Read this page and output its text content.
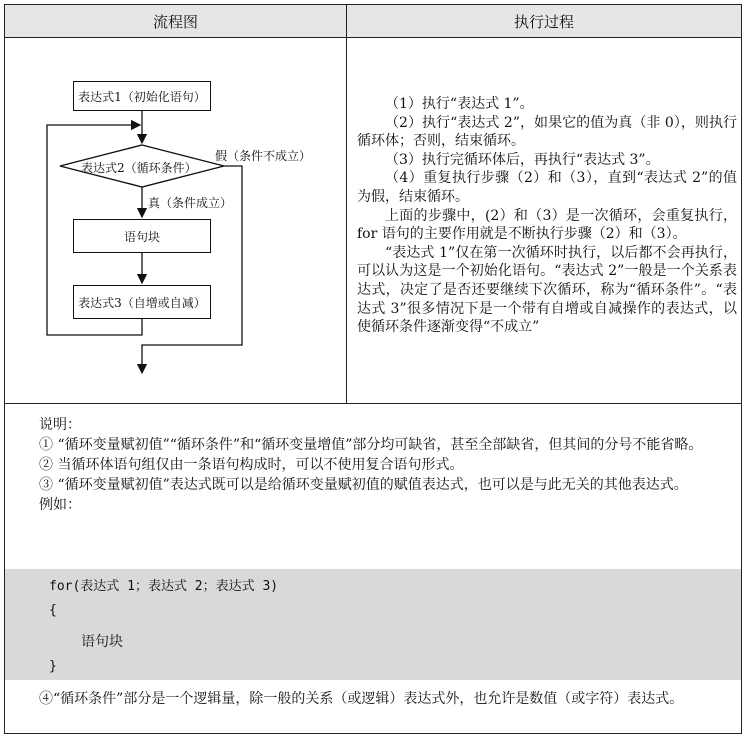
流程图	执行过程
表达式1（初始化语句）
表达式2（循环条件）
假（条件不成立）
真（条件成立）
语句块
表达式3（自增或自减）

（1）执行“表达式 1”。

（2）执行“表达式 2”，如果它的值为真（非 0），则执行循环体；否则，结束循环。

（3）执行完循环体后，再执行“表达式 3”。

（4）重复执行步骤（2）和（3），直到“表达式 2”的值为假，结束循环。

上面的步骤中，(2）和（3）是一次循环，会重复执行，for 语句的主要作用就是不断执行步骤（2）和（3）。

“表达式 1”仅在第一次循环时执行，以后都不会再执行，可以认为这是一个初始化语句。“表达式 2”一般是一个关系表达式，决定了是否还要继续下次循环，称为“循环条件”。“表达式 3”很多情况下是一个带有自增或自减操作的表达式，以使循环条件逐渐变得“不成立”

说明：

① “循环变量赋初值”“循环条件”和“循环变量增值”部分均可缺省，甚至全部缺省，但其间的分号不能省略。

② 当循环体语句组仅由一条语句构成时，可以不使用复合语句形式。

③ “循环变量赋初值”表达式既可以是给循环变量赋初值的赋值表达式，也可以是与此无关的其他表达式。

例如：

for(表达式 1；表达式 2；表达式 3)
{
语句块
}

④“循环条件”部分是一个逻辑量，除一般的关系（或逻辑）表达式外，也允许是数值（或字符）表达式。
